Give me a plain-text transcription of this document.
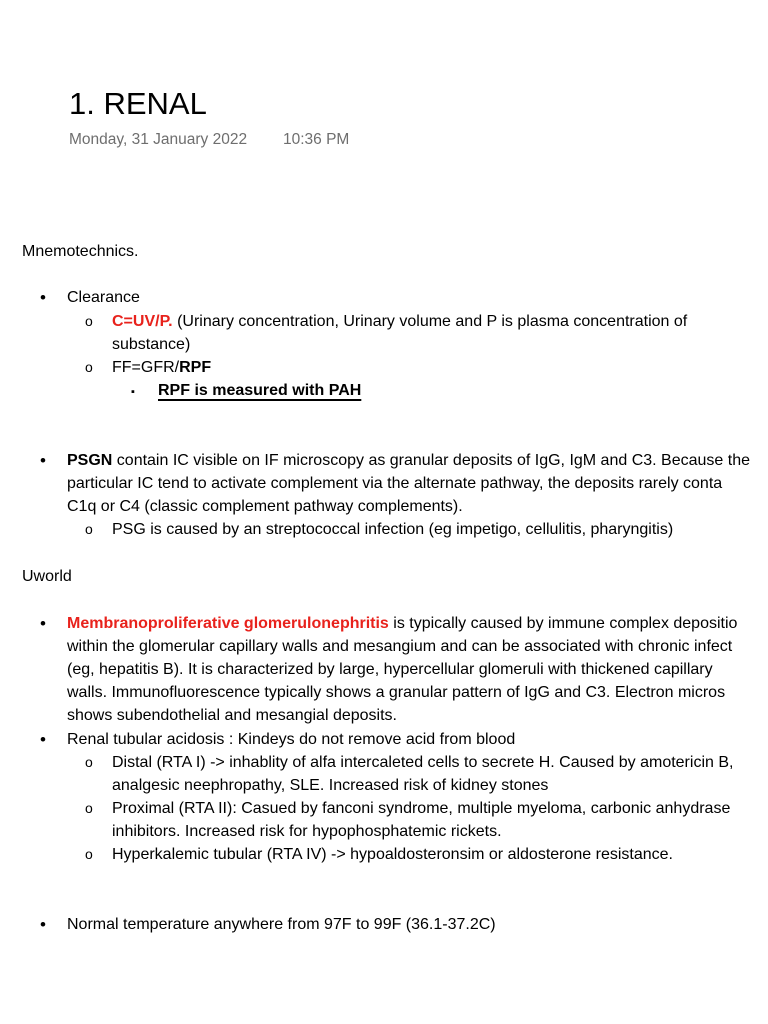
1. RENAL
Monday, 31 January 2022 10:36 PM
Mnemotechnics.
•
Clearance
o
C=UV/P. (Urinary concentration, Urinary volume and P is plasma concentration of
substance)
o
FF=GFR/RPF
▪
RPF is measured with PAH
•
PSGN contain IC visible on IF microscopy as granular deposits of IgG, IgM and C3. Because the
particular IC tend to activate complement via the alternate pathway, the deposits rarely conta
C1q or C4 (classic complement pathway complements).
o
PSG is caused by an streptococcal infection (eg impetigo, cellulitis, pharyngitis)
Uworld
•
Membranoproliferative glomerulonephritis is typically caused by immune complex depositio
within the glomerular capillary walls and mesangium and can be associated with chronic infect
(eg, hepatitis B). It is characterized by large, hypercellular glomeruli with thickened capillary
walls. Immunofluorescence typically shows a granular pattern of IgG and C3. Electron micros
shows subendothelial and mesangial deposits.
•
Renal tubular acidosis : Kindeys do not remove acid from blood
o
Distal (RTA I) -> inhablity of alfa intercaleted cells to secrete H. Caused by amotericin B,
analgesic neephropathy, SLE. Increased risk of kidney stones
o
Proximal (RTA II): Casued by fanconi syndrome, multiple myeloma, carbonic anhydrase
inhibitors. Increased risk for hypophosphatemic rickets.
o
Hyperkalemic tubular (RTA IV) -> hypoaldosteronsim or aldosterone resistance.
•
Normal temperature anywhere from 97F to 99F (36.1-37.2C)
